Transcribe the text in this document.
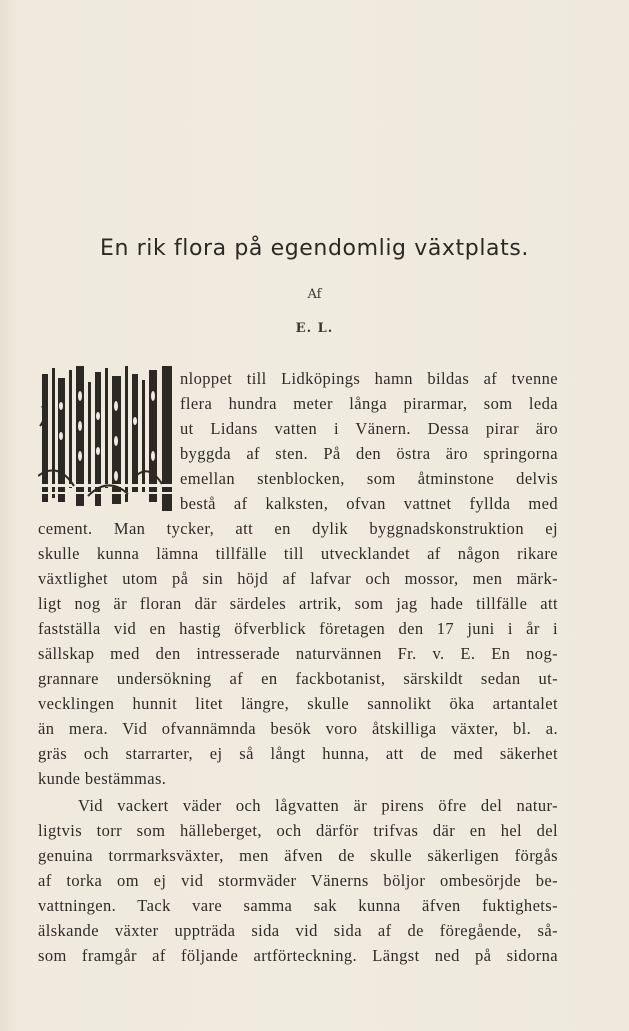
En rik flora på egendomlig växtplats.
Af
E. L.
nloppet till Lidköpings hamn bildas af tvenne
flera hundra meter långa pirarmar, som leda
ut Lidans vatten i Vänern. Dessa pirar äro
byggda af sten. På den östra äro springorna
emellan stenblocken, som åtminstone delvis
bestå af kalksten, ofvan vattnet fyllda med
cement. Man tycker, att en dylik byggnadskonstruktion ej
skulle kunna lämna tillfälle till utvecklandet af någon rikare
växtlighet utom på sin höjd af lafvar och mossor, men märk-
ligt nog är floran där särdeles artrik, som jag hade tillfälle att
fastställa vid en hastig öfverblick företagen den 17 juni i år i
sällskap med den intresserade naturvännen Fr. v. E. En nog-
grannare undersökning af en fackbotanist, särskildt sedan ut-
vecklingen hunnit litet längre, skulle sannolikt öka artantalet
än mera. Vid ofvannämnda besök voro åtskilliga växter, bl. a.
gräs och starrarter, ej så långt hunna, att de med säkerhet
kunde bestämmas.
Vid vackert väder och lågvatten är pirens öfre del natur-
ligtvis torr som hälleberget, och därför trifvas där en hel del
genuina torrmarksväxter, men äfven de skulle säkerligen förgås
af torka om ej vid stormväder Vänerns böljor ombesörjde be-
vattningen. Tack vare samma sak kunna äfven fuktighets-
älskande växter uppträda sida vid sida af de föregående, så-
som framgår af följande artförteckning. Längst ned på sidorna
